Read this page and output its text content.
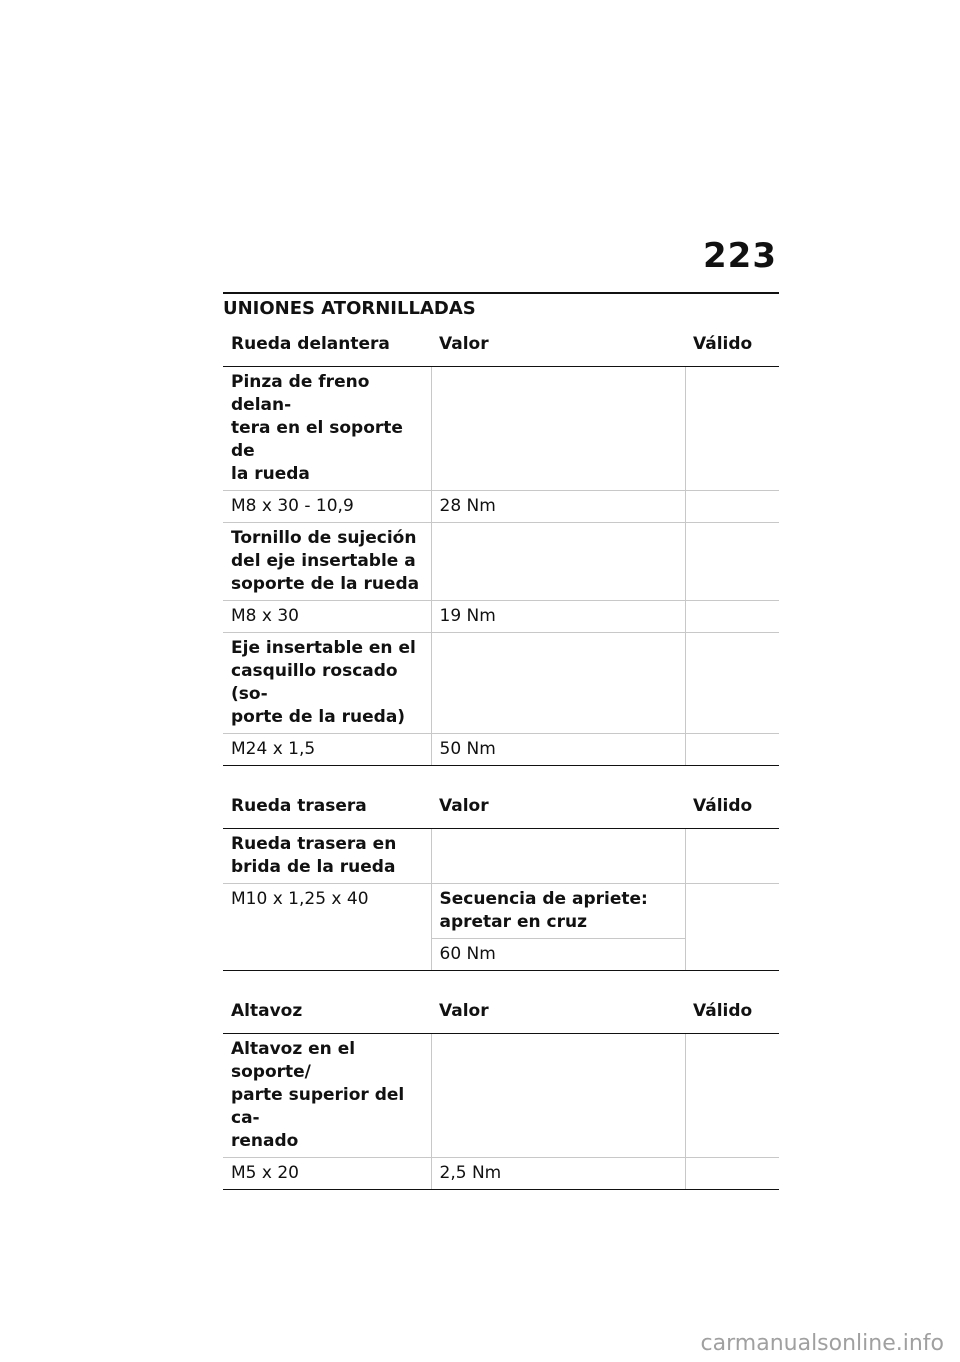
223
UNIONES ATORNILLADAS
Rueda delantera	Valor	Válido
Pinza de freno delan-
tera en el soporte de
la rueda		
M8 x 30 - 10,9	28 Nm	
Tornillo de sujeción
del eje insertable a
soporte de la rueda		
M8 x 30	19 Nm	
Eje insertable en el
casquillo roscado (so-
porte de la rueda)		
M24 x 1,5	50 Nm	
Rueda trasera	Valor	Válido
Rueda trasera en
brida de la rueda		
M10 x 1,25 x 40	Secuencia de apriete:
apretar en cruz	
	60 Nm	
Altavoz	Valor	Válido
Altavoz en el soporte/
parte superior del ca-
renado		
M5 x 20	2,5 Nm	
carmanualsonline.info
